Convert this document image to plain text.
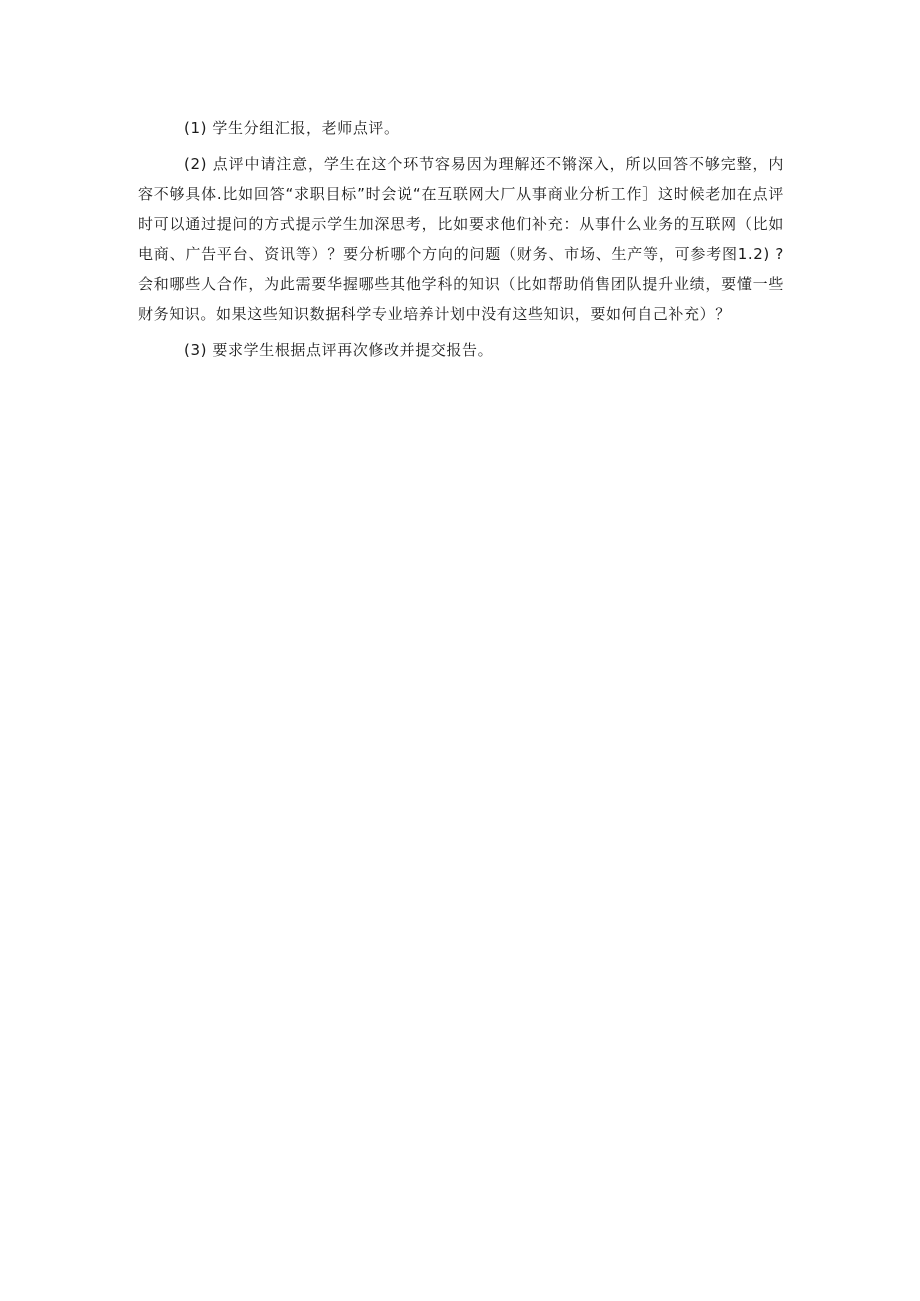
(1) 学生分组汇报，老师点评。

(2) 点评中请注意，学生在这个环节容易因为理解还不锵深入，所以回答不够完整，内容不够具体.比如回答“求职目标”时会说“在互联网大厂从事商业分析工作］这时候老加在点评时可以通过提问的方式提示学生加深思考，比如要求他们补充：从事什么业务的互联网（比如电商、广告平台、资讯等）？要分析哪个方向的问题（财务、市场、生产等，可参考图1.2) ?会和哪些人合作，为此需要华握哪些其他学科的知识（比如帮助俏售团队提升业绩，要懂一些财务知识。如果这些知识数据科学专业培养计划中没有这些知识，要如何自己补充）？

(3) 要求学生根据点评再次修改并提交报告。
